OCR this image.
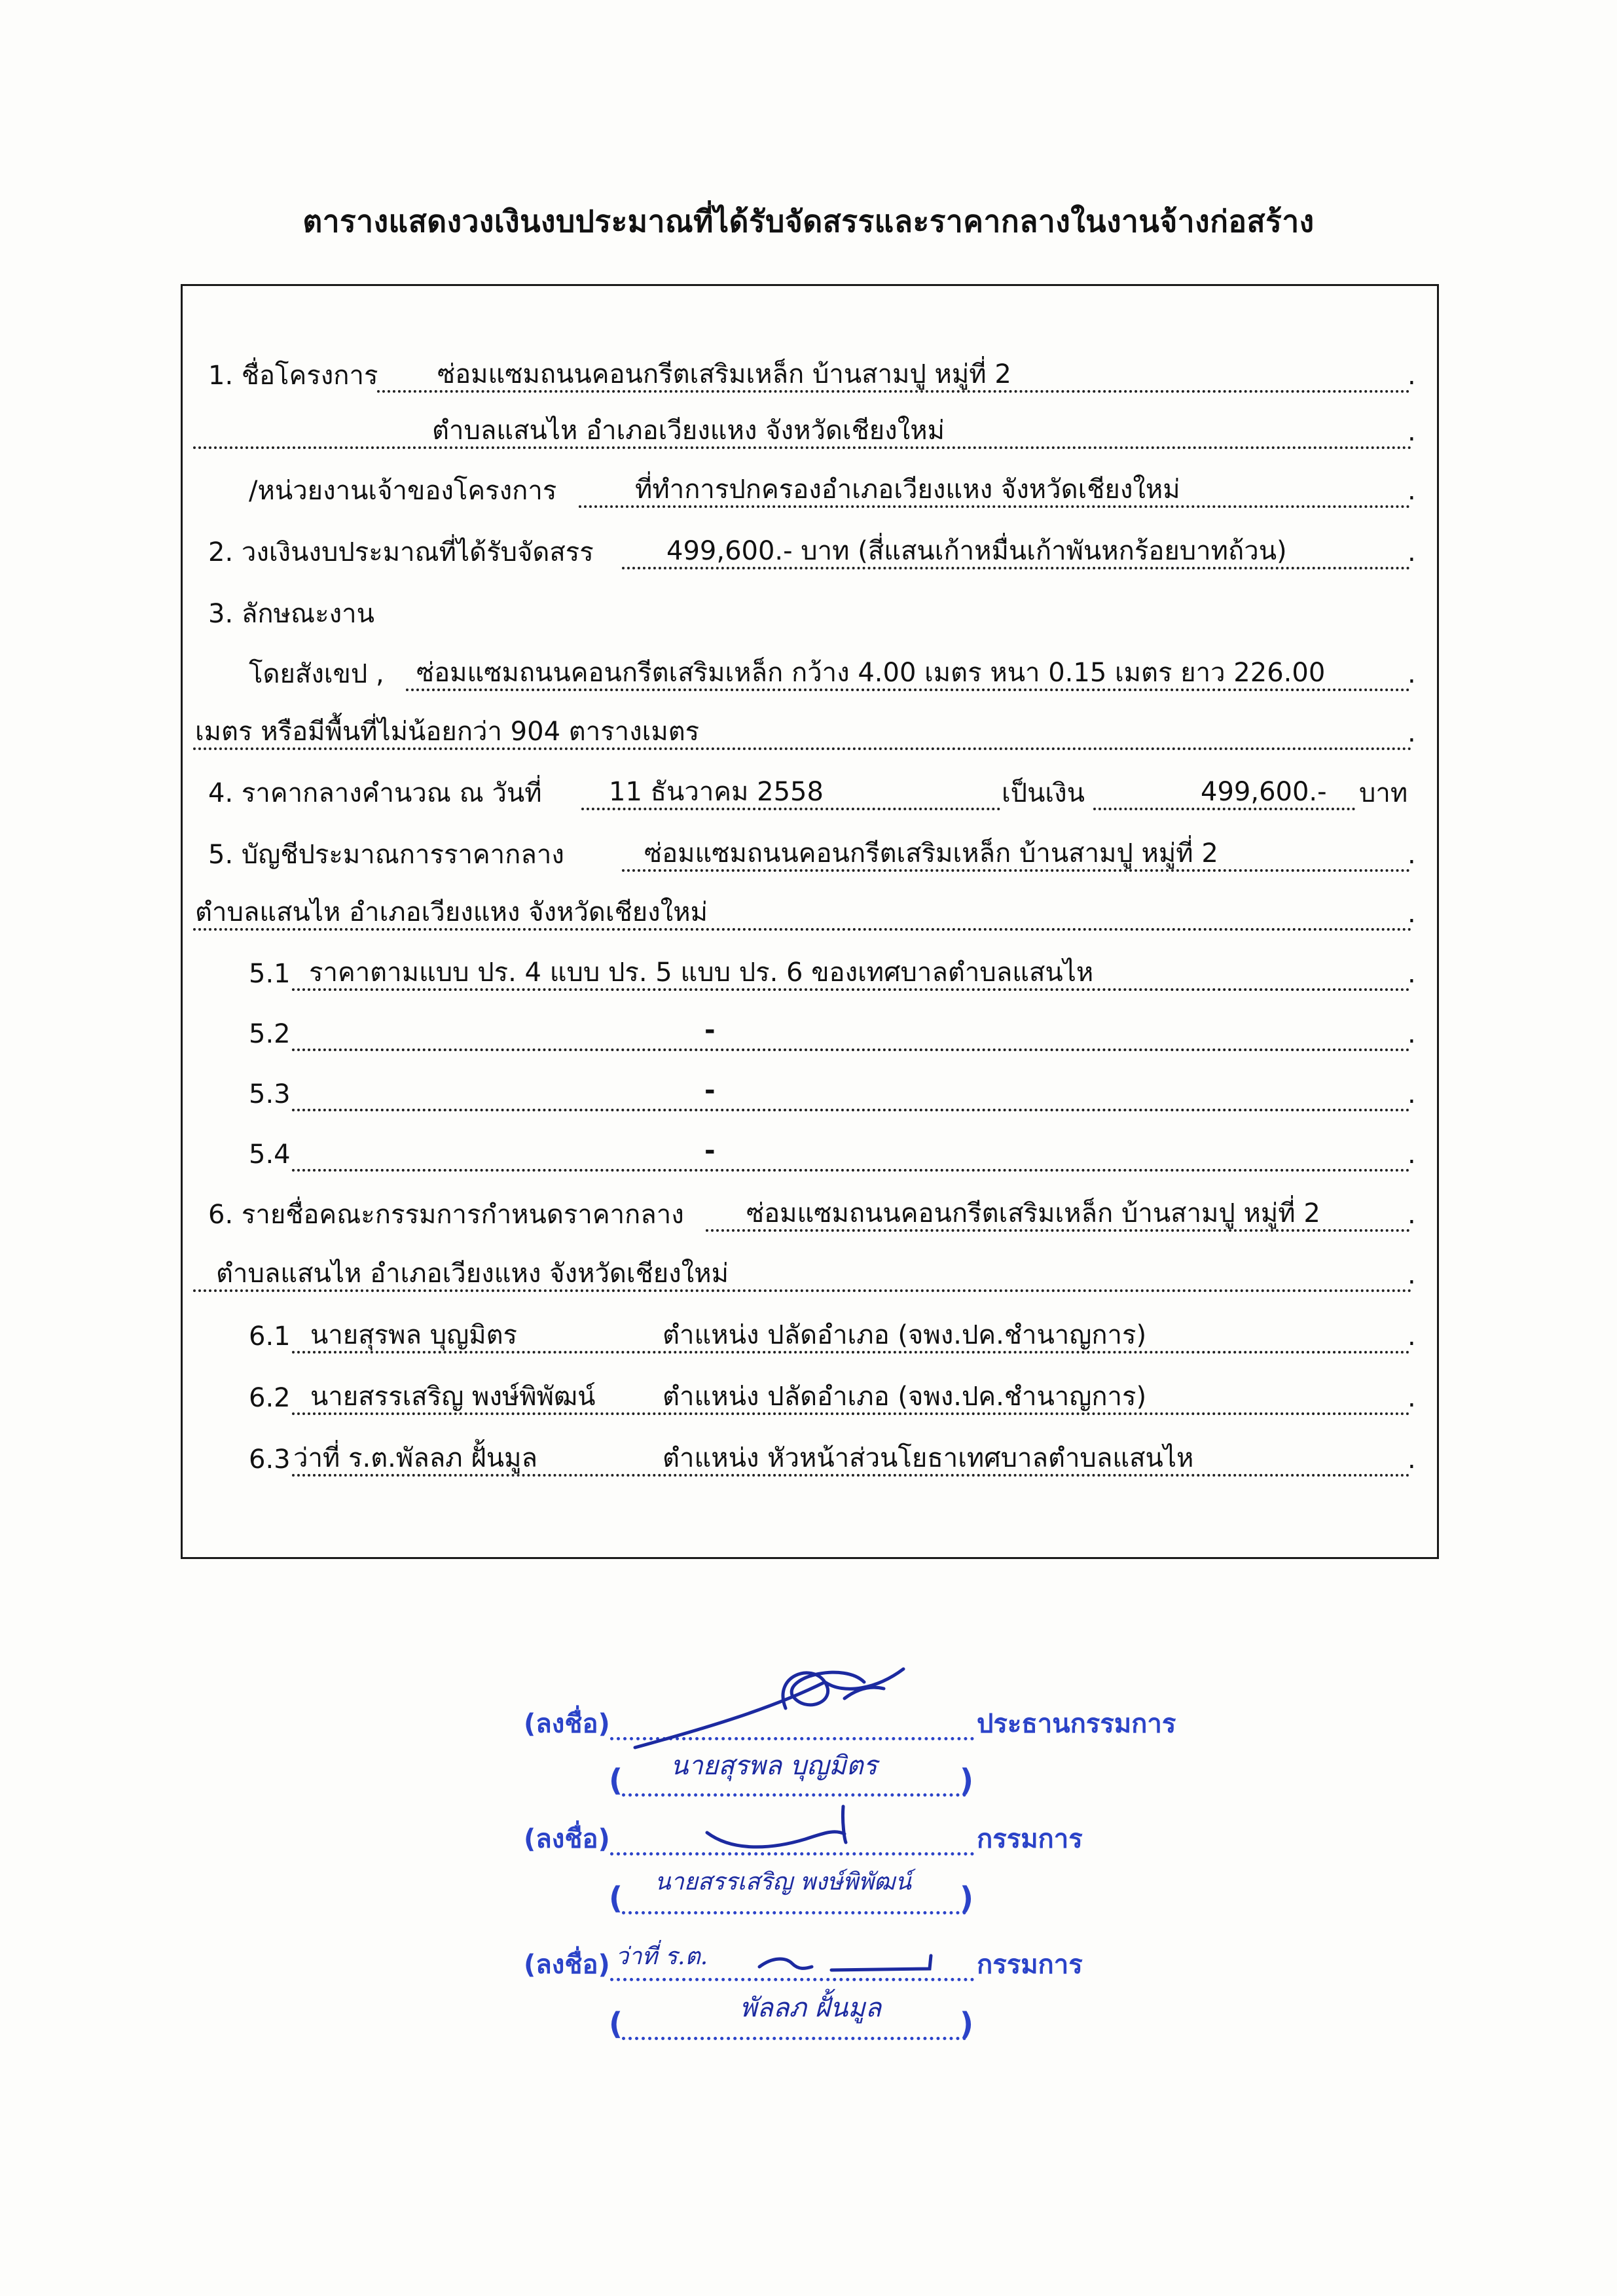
ตารางแสดงวงเงินงบประมาณที่ได้รับจัดสรรและราคากลางในงานจ้างก่อสร้าง
1. ชื่อโครงการ ซ่อมแซมถนนคอนกรีตเสริมเหล็ก บ้านสามปู หมู่ที่ 2	.
ตำบลแสนไห อำเภอเวียงแหง จังหวัดเชียงใหม่	.
/หน่วยงานเจ้าของโครงการ	ที่ทำการปกครองอำเภอเวียงแหง จังหวัดเชียงใหม่	.
2. วงเงินงบประมาณที่ได้รับจัดสรร	499,600.- บาท (สี่แสนเก้าหมื่นเก้าพันหกร้อยบาทถ้วน)	.
3. ลักษณะงาน
โดยสังเขป , ซ่อมแซมถนนคอนกรีตเสริมเหล็ก กว้าง 4.00 เมตร หนา 0.15 เมตร ยาว 226.00	.
เมตร หรือมีพื้นที่ไม่น้อยกว่า 904 ตารางเมตร	.
4. ราคากลางคำนวณ ณ วันที่	11 ธันวาคม 2558	เป็นเงิน	499,600.- บาท
5. บัญชีประมาณการราคากลาง	ซ่อมแซมถนนคอนกรีตเสริมเหล็ก บ้านสามปู หมู่ที่ 2	.
ตำบลแสนไห อำเภอเวียงแหง จังหวัดเชียงใหม่	.
5.1 ราคาตามแบบ ปร. 4 แบบ ปร. 5 แบบ ปร. 6 ของเทศบาลตำบลแสนไห	.
5.2	-	.
5.3	-	.
5.4	-	.
6. รายชื่อคณะกรรมการกำหนดราคากลาง ซ่อมแซมถนนคอนกรีตเสริมเหล็ก บ้านสามปู หมู่ที่ 2	.
ตำบลแสนไห อำเภอเวียงแหง จังหวัดเชียงใหม่	.
6.1 นายสุรพล บุญมิตร	ตำแหน่ง ปลัดอำเภอ (จพง.ปค.ชำนาญการ)	.
6.2 นายสรรเสริญ พงษ์พิพัฒน์	ตำแหน่ง ปลัดอำเภอ (จพง.ปค.ชำนาญการ)	.
6.3 ว่าที่ ร.ต.พัลลภ ฝั้นมูล	ตำแหน่ง หัวหน้าส่วนโยธาเทศบาลตำบลแสนไห	.
(ลงชื่อ)	ประธานกรรมการ
(	)
นายสุรพล บุญมิตร
(ลงชื่อ)	กรรมการ
(	)
นายสรรเสริญ พงษ์พิพัฒน์
(ลงชื่อ)	กรรมการ
ว่าที่ ร.ต.
(	)
พัลลภ ฝั้นมูล
